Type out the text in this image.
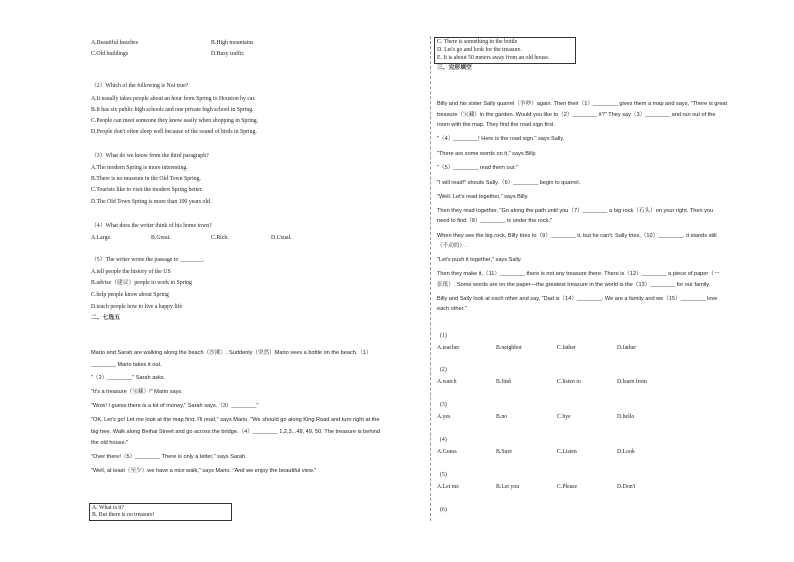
A.Beautiful beaches	B.High mountains
C.Old buildings	D.Busy traffic
（2）Which of the following is Not true?
A.It usually takes people about an hour from Spring to Houston by car.
B.It has six public high schools and one private high school in Spring.
C.People can meet someone they know easily when shopping in Spring.
D.People don't often sleep well because of the sound of birds in Spring.
（3）What do we know from the third paragraph?
A.The modern Spring is more interesting.
B.There is no museum in the Old Town Spring.
C.Tourists like to visit the modern Spring better.
D.The Old Town Spring is more than 100 years old.
（4）What does the writer think of his home town?
A.Large.	B.Great.	C.Rich.	D.Usual.
（5）The writer wrote the passage to ________.
A.tell people the history of the US
B.advise（建议）people to work in Spring
C.help people know about Spring
D.teach people how to live a happy life
二、七选五
Mario and Sarah are walking along the beach（沙滩）. Suddenly（突然）Mario sees a bottle on the beach.（1）
________ Mario takes it out.
"（2）________" Sarah asks.
"It's a treasure（宝藏）!" Mario says.
"Wow! I guess there is a lot of money," Sarah says.（3）________"
"OK. Let's go! Let me look at the map first, I'll read," says Mario. "We should go along King Road and turn right at the
big tree. Walk along Beihai Street and go across the bridge.（4）________ 1,2,3...48, 49, 50. The treasure is behind
the old house."
"Over there!（5）________ There is only a letter," says Sarah.
"Well, at least（至少）we have a nice walk," says Mario. "And we enjoy the beautiful view."
A. What is it?
B. But there is no treasure!
C. There is something in the bottle
D. Let's go and look for the treasure.
E. It is about 50 meters away from an old house.
三、完形填空
Billy and his sister Sally quarrel（争吵）again. Then their（1）________ gives them a map and says, "There is great
treasure（宝藏）in the garden. Would you like to（2）________ it?" They say（3）________ and run out of the
room with the map. They find the road sign first.
"（4）________! Here is the road sign." says Sally.
"There are some words on it," says Billy.
"（5）________ read them out."
"I will read!" shouts Sally.（6）________ begin to quarrel.
"Well. Let's read together," says Billy.
Then they read together, "Go along the path until you（7）________ a big rock（石头）on your right. Then you
need to find（8）________ is under the rock."
When they see the big rock, Billy tries to（9）________ it. but he can't. Sally tries,（10）________. it stands still
（不动的）.
"Let's push it together," says Sally.
Then they make it,（11）________ there is not any treasure there. There is（12）________ a piece of paper（一
张纸）. Some words are on the paper—the greatest treasure in the world is the（13）________ for our family.
Billy and Sally look at each other and say, "Dad is（14）________. We are a family and we（15）________ love
each other."
(1)
A.teacher	B.neighbor	C.father	D.father
(2)
A.watch	B.find	C.listen to	D.learn from
(3)
A.yes	B.no	C.bye	D.hello
(4)
A.Guess	B.Sure	C.Listen	D.Look
(5)
A.Let me	B.Let you	C.Please	D.Don't
(6)
